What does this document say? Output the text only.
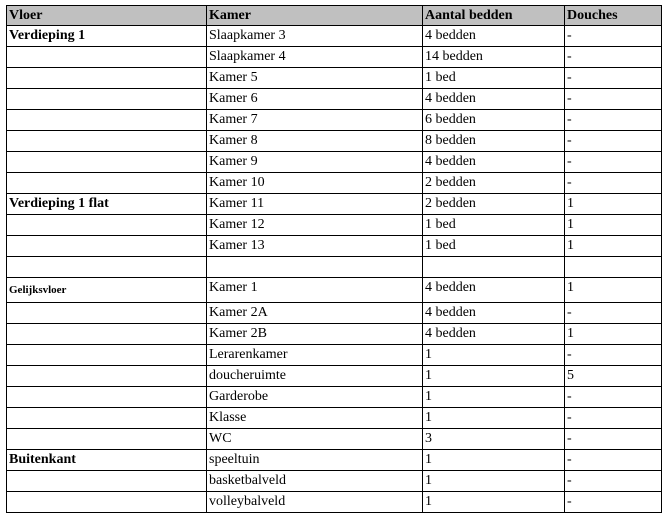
Vloer	Kamer	Aantal bedden	Douches
Verdieping 1	Slaapkamer 3	4 bedden	-
	Slaapkamer 4	14 bedden	-
	Kamer 5	1 bed	-
	Kamer 6	4 bedden	-
	Kamer 7	6 bedden	-
	Kamer 8	8 bedden	-
	Kamer 9	4 bedden	-
	Kamer 10	2 bedden	-
Verdieping 1 flat	Kamer 11	2 bedden	1
	Kamer 12	1 bed	1
	Kamer 13	1 bed	1

Gelijksvloer	Kamer 1	4 bedden	1
	Kamer 2A	4 bedden	-
	Kamer 2B	4 bedden	1
	Lerarenkamer	1	-
	doucheruimte	1	5
	Garderobe	1	-
	Klasse	1	-
	WC	3	-
Buitenkant	speeltuin	1	-
	basketbalveld	1	-
	volleybalveld	1	-
